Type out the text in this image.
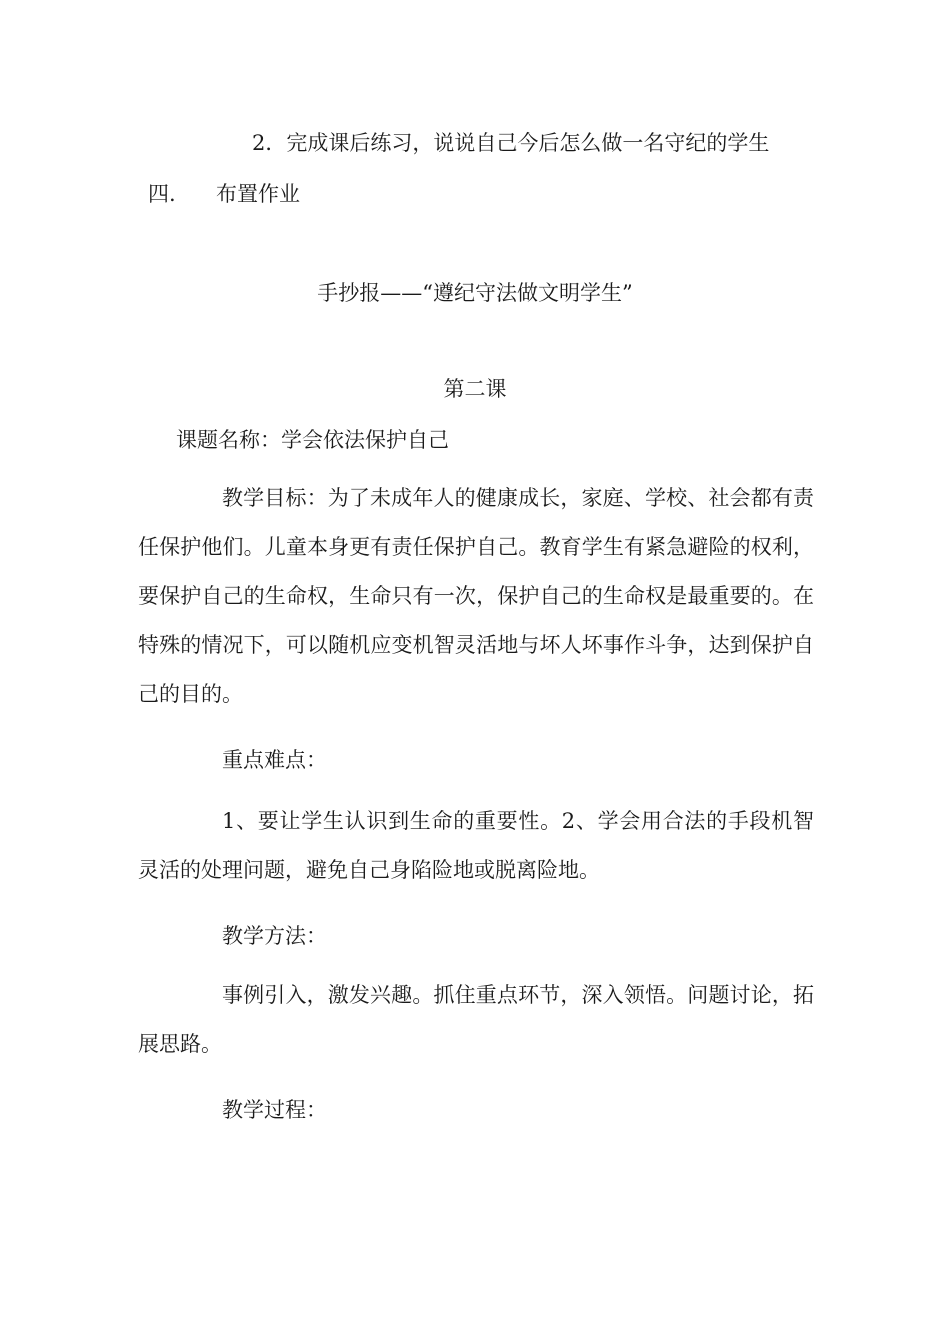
2．完成课后练习，说说自己今后怎么做一名守纪的学生
四. 布置作业
手抄报——“遵纪守法做文明学生”
第二课
课题名称：学会依法保护自己
教学目标：为了未成年人的健康成长，家庭、学校、社会都有责任保护他们。儿童本身更有责任保护自己。教育学生有紧急避险的权利，要保护自己的生命权，生命只有一次，保护自己的生命权是最重要的。在特殊的情况下，可以随机应变机智灵活地与坏人坏事作斗争，达到保护自己的目的。
重点难点：
1、要让学生认识到生命的重要性。2、学会用合法的手段机智灵活的处理问题，避免自己身陷险地或脱离险地。
教学方法：
事例引入，激发兴趣。抓住重点环节，深入领悟。问题讨论，拓展思路。
教学过程：
